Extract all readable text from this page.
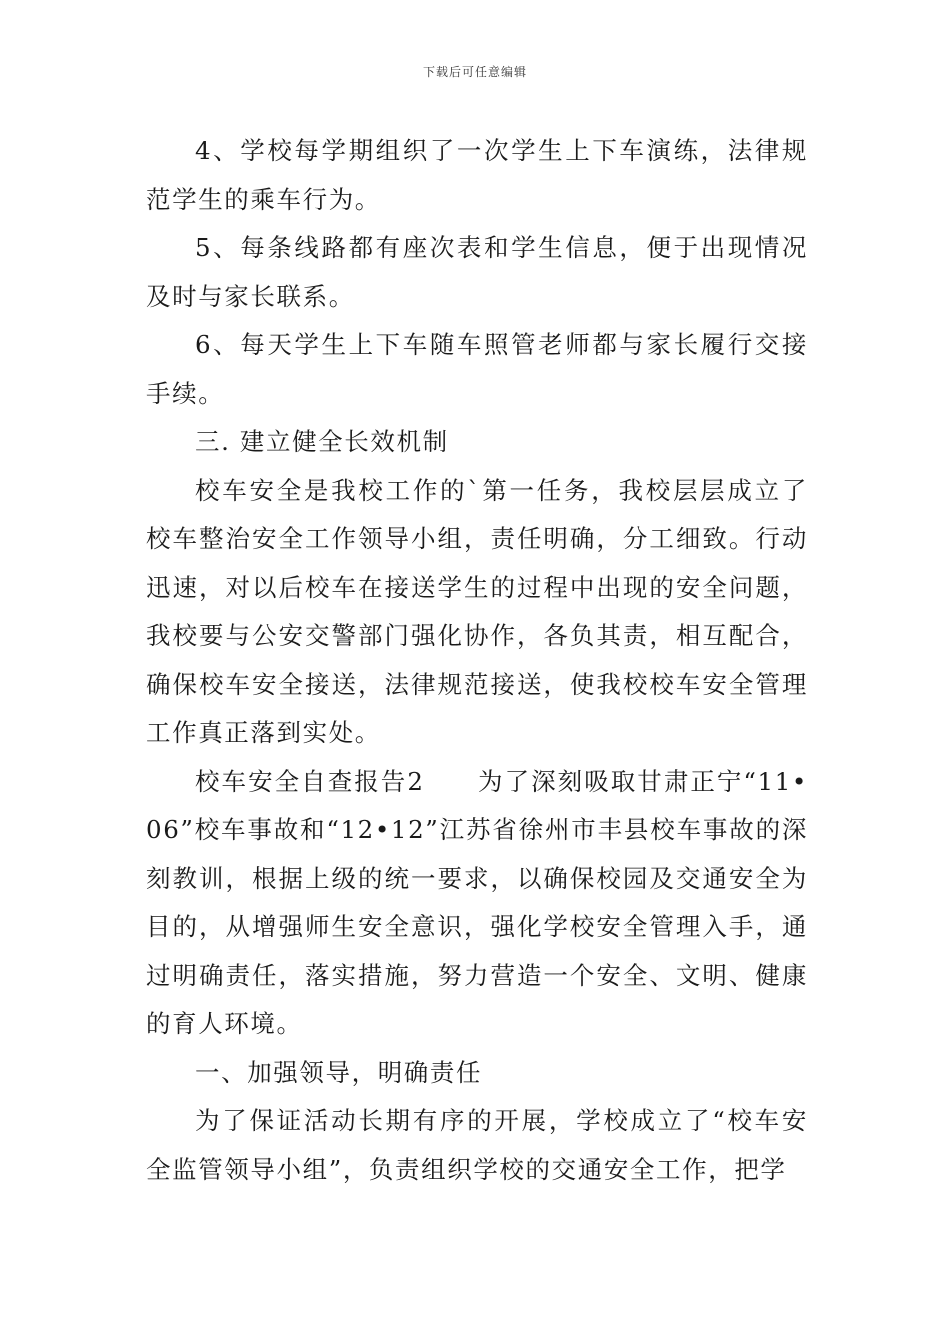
下载后可任意编辑

4、学校每学期组织了一次学生上下车演练，法律规范学生的乘车行为。

5、每条线路都有座次表和学生信息，便于出现情况及时与家长联系。

6、每天学生上下车随车照管老师都与家长履行交接手续。

三. 建立健全长效机制

校车安全是我校工作的`第一任务，我校层层成立了校车整治安全工作领导小组，责任明确，分工细致。行动迅速，对以后校车在接送学生的过程中出现的安全问题，我校要与公安交警部门强化协作，各负其责，相互配合，确保校车安全接送，法律规范接送，使我校校车安全管理工作真正落到实处。

校车安全自查报告2　　为了深刻吸取甘肃正宁“11•06”校车事故和“12•12”江苏省徐州市丰县校车事故的深刻教训，根据上级的统一要求，以确保校园及交通安全为目的，从增强师生安全意识，强化学校安全管理入手，通过明确责任，落实措施，努力营造一个安全、文明、健康的育人环境。

一、加强领导，明确责任

为了保证活动长期有序的开展，学校成立了“校车安全监管领导小组”，负责组织学校的交通安全工作，把学
